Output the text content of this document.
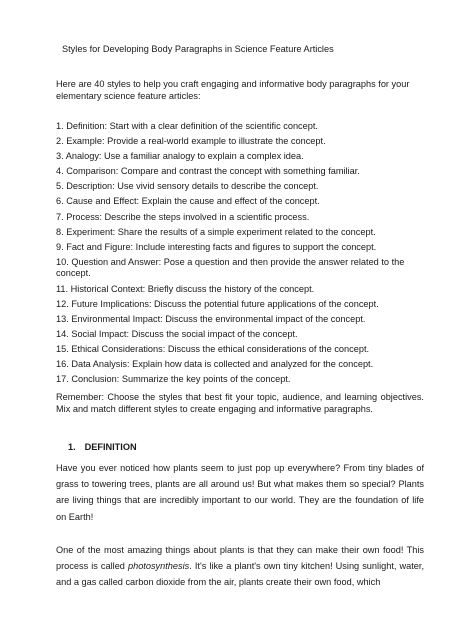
Styles for Developing Body Paragraphs in Science Feature Articles

Here are 40 styles to help you craft engaging and informative body paragraphs for your elementary science feature articles:

1. Definition: Start with a clear definition of the scientific concept.
2. Example: Provide a real-world example to illustrate the concept.
3. Analogy: Use a familiar analogy to explain a complex idea.
4. Comparison: Compare and contrast the concept with something familiar.
5. Description: Use vivid sensory details to describe the concept.
6. Cause and Effect: Explain the cause and effect of the concept.
7. Process: Describe the steps involved in a scientific process.
8. Experiment: Share the results of a simple experiment related to the concept.
9. Fact and Figure: Include interesting facts and figures to support the concept.
10. Question and Answer: Pose a question and then provide the answer related to the concept.
11. Historical Context: Briefly discuss the history of the concept.
12. Future Implications: Discuss the potential future applications of the concept.
13. Environmental Impact: Discuss the environmental impact of the concept.
14. Social Impact: Discuss the social impact of the concept.
15. Ethical Considerations: Discuss the ethical considerations of the concept.
16. Data Analysis: Explain how data is collected and analyzed for the concept.
17. Conclusion: Summarize the key points of the concept.

Remember: Choose the styles that best fit your topic, audience, and learning objectives. Mix and match different styles to create engaging and informative paragraphs.

1. DEFINITION

Have you ever noticed how plants seem to just pop up everywhere? From tiny blades of grass to towering trees, plants are all around us! But what makes them so special? Plants are living things that are incredibly important to our world. They are the foundation of life on Earth!

One of the most amazing things about plants is that they can make their own food! This process is called photosynthesis. It's like a plant's own tiny kitchen! Using sunlight, water, and a gas called carbon dioxide from the air, plants create their own food, which
